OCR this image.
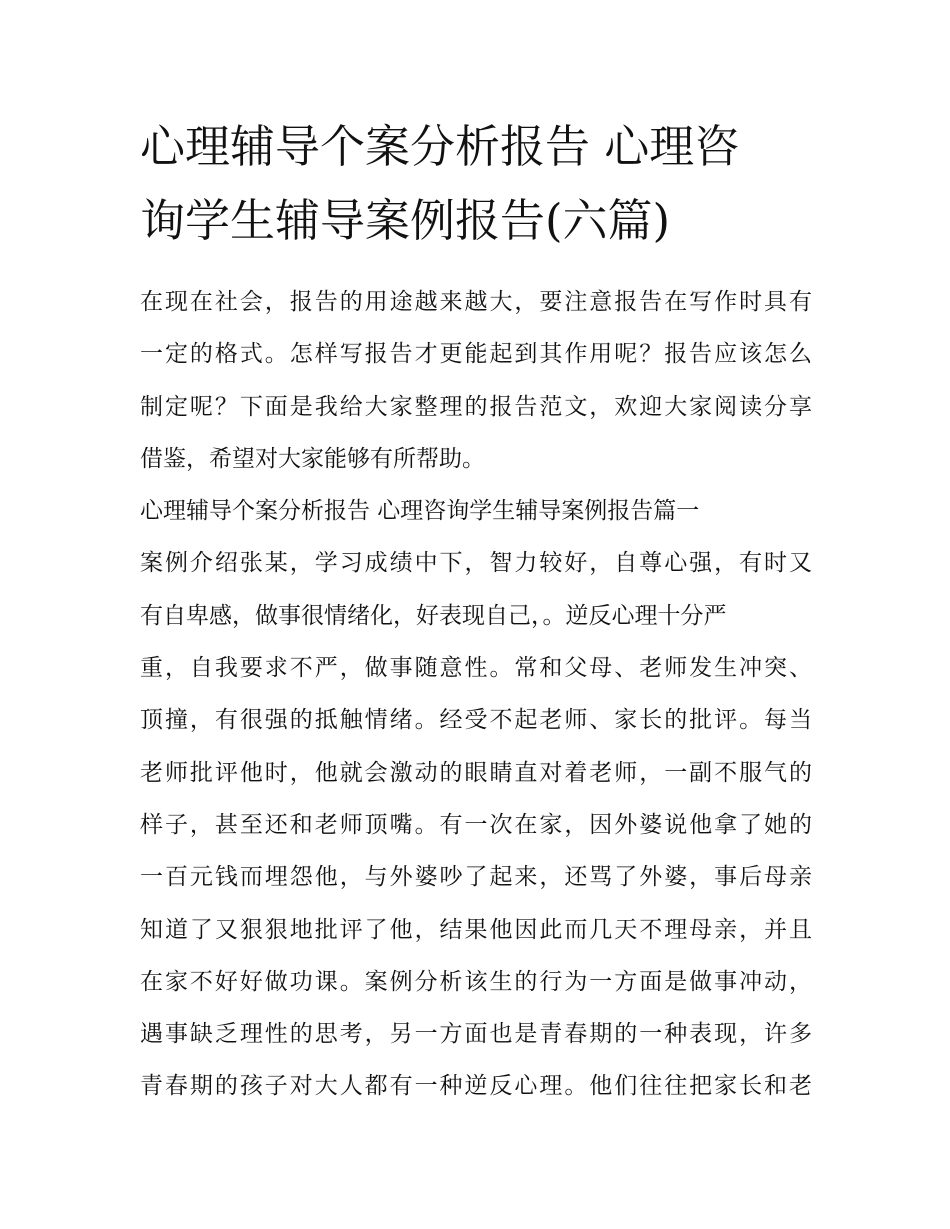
心理辅导个案分析报告 心理咨
询学生辅导案例报告(六篇)
在现在社会，报告的用途越来越大，要注意报告在写作时具有
一定的格式。怎样写报告才更能起到其作用呢？报告应该怎么
制定呢？下面是我给大家整理的报告范文，欢迎大家阅读分享
借鉴，希望对大家能够有所帮助。
心理辅导个案分析报告 心理咨询学生辅导案例报告篇一
案例介绍张某，学习成绩中下，智力较好，自尊心强，有时又
有自卑感，做事很情绪化，好表现自己，。逆反心理十分严
重，自我要求不严，做事随意性。常和父母、老师发生冲突、
顶撞，有很强的抵触情绪。经受不起老师、家长的批评。每当
老师批评他时，他就会激动的眼睛直对着老师，一副不服气的
样子，甚至还和老师顶嘴。有一次在家，因外婆说他拿了她的
一百元钱而埋怨他，与外婆吵了起来，还骂了外婆，事后母亲
知道了又狠狠地批评了他，结果他因此而几天不理母亲，并且
在家不好好做功课。案例分析该生的行为一方面是做事冲动，
遇事缺乏理性的思考，另一方面也是青春期的一种表现，许多
青春期的孩子对大人都有一种逆反心理。他们往往把家长和老
